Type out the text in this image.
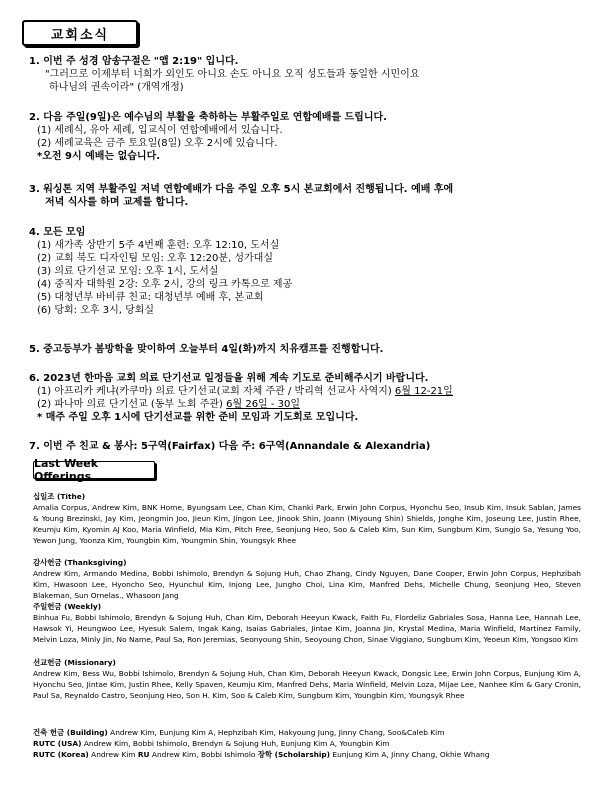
교회소식
1. 이번 주 성경 암송구절은 "앱 2:19" 입니다.
"그러므로 이제부터 너희가 외인도 아니요 손도 아니요 오직 성도들과 동일한 시민이요
하나님의 권속이라" (개역개정)
2. 다음 주일(9일)은 예수님의 부활을 축하하는 부활주일로 연합예배를 드립니다.
(1) 세례식, 유아 세례, 입교식이 연합예배에서 있습니다.
(2) 세례교육은 금주 토요일(8일) 오후 2시에 있습니다.
*오전 9시 예배는 없습니다.
3. 워싱톤 지역 부활주일 저녁 연합예배가 다음 주일 오후 5시 본교회에서 진행됩니다. 예배 후에
저녁 식사를 하며 교제를 합니다.
4. 모든 모임
(1) 새가족 상반기 5주 4번째 훈련: 오후 12:10, 도서실
(2) 교회 북도 디자인팀 모임: 오후 12:20분, 성가대실
(3) 의료 단기선교 모임: 오후 1시, 도서실
(4) 중직자 대학원 2강: 오후 2시, 강의 링크 카톡으로 제공
(5) 대청년부 바비큐 친교: 대청년부 예배 후, 본교회
(6) 당회: 오후 3시, 당회실
5. 중고등부가 봄방학을 맞이하여 오늘부터 4일(화)까지 치유캠프를 진행합니다.
6. 2023년 한마음 교회 의료 단기선교 일정들을 위해 계속 기도로 준비해주시기 바랍니다.
(1) 아프리카 케냐(카쿠마) 의료 단기선교(교회 자체 주관 / 박리혁 선교사 사역지) 6월 12-21일
(2) 파나마 의료 단기선교 (동부 노회 주관) 6월 26일 - 30일
* 매주 주일 오후 1시에 단기선교를 위한 준비 모임과 기도회로 모입니다.
7. 이번 주 친교 & 봉사: 5구역(Fairfax) 다음 주: 6구역(Annandale & Alexandria)
Last Week Offerings
십일조 (Tithe)
Amalia Corpus, Andrew Kim, BNK Home, Byungsam Lee, Chan Kim, Chanki Park, Erwin John Corpus, Hyonchu Seo, Insub Kim, Insuk Sablan, James & Young Brezinski, Jay Kim, Jeongmin Joo, Jieun Kim, Jingon Lee, Jinook Shin, Joann (Miyoung Shin) Shields, Jonghe Kim, Joseung Lee, Justin Rhee, Keumju Kim, Kyomin AJ Koo, Maria Winfield, Mia Kim, Pitch Free, Seonjung Heo, Soo & Caleb Kim, Sun Kim, Sungbum Kim, Sungjo Sa, Yesung Yoo, Yewon Jung, Yoonza Kim, Youngbin Kim, Youngmin Shin, Youngsyk Rhee
감사헌금 (Thanksgiving)
Andrew Kim, Armando Medina, Bobbi Ishimolo, Brendyn & Sojung Huh, Chao Zhang, Cindy Nguyen, Dane Cooper, Erwin John Corpus, Hephzibah Kim, Hwasoon Lee, Hyoncho Seo, Hyunchul Kim, Injong Lee, Jungho Choi, Lina Kim, Manfred Dehs, Michelle Chung, Seonjung Heo, Steven Blakeman, Sun Ornelas., Whasoon Jang
주일헌금 (Weekly)
Binhua Fu, Bobbi Ishimolo, Brendyn & Sojung Huh, Chan Kim, Deborah Heeyun Kwack, Faith Fu, Flordeliz Gabriales Sosa, Hanna Lee, Hannah Lee, Hawsok Yi, Heungwoo Lee, Hyesuk Salem, Ingak Kang, Isaias Gabriales, Jintae Kim, Joanna Jin, Krystal Medina, Maria Winfield, Martinez Family, Melvin Loza, Minly Jin, No Name, Paul Sa, Ron Jeremias, Seonyoung Shin, Seoyoung Chon, Sinae Viggiano, Sungbum Kim, Yeoeun Kim, Yongsoo Kim
선교헌금 (Missionary)
Andrew Kim, Bess Wu, Bobbi Ishimolo, Brendyn & Sojung Huh, Chan Kim, Deborah Heeyun Kwack, Dongsic Lee, Erwin John Corpus, Eunjung Kim A, Hyonchu Seo, Jintae Kim, Justin Rhee, Kelly Spaven, Keumju Kim, Manfred Dehs, Maria Winfield, Melvin Loza, Mijae Lee, Nanhee Kim & Gary Cronin, Paul Sa, Reynaldo Castro, Seonjung Heo, Son H. Kim, Soo & Caleb Kim, Sungbum Kim, Youngbin Kim, Youngsyk Rhee
건축 헌금 (Building) Andrew Kim, Eunjung Kim A, Hephzibah Kim, Hakyoung Jung, Jinny Chang, Soo&Caleb Kim
RUTC (USA) Andrew Kim, Bobbi Ishimolo, Brendyn & Sojung Huh, Eunjung Kim A, Youngbin Kim
RUTC (Korea) Andrew Kim RU Andrew Kim, Bobbi Ishimolo 장학 (Scholarship) Eunjung Kim A, Jinny Chang, Okhie Whang
